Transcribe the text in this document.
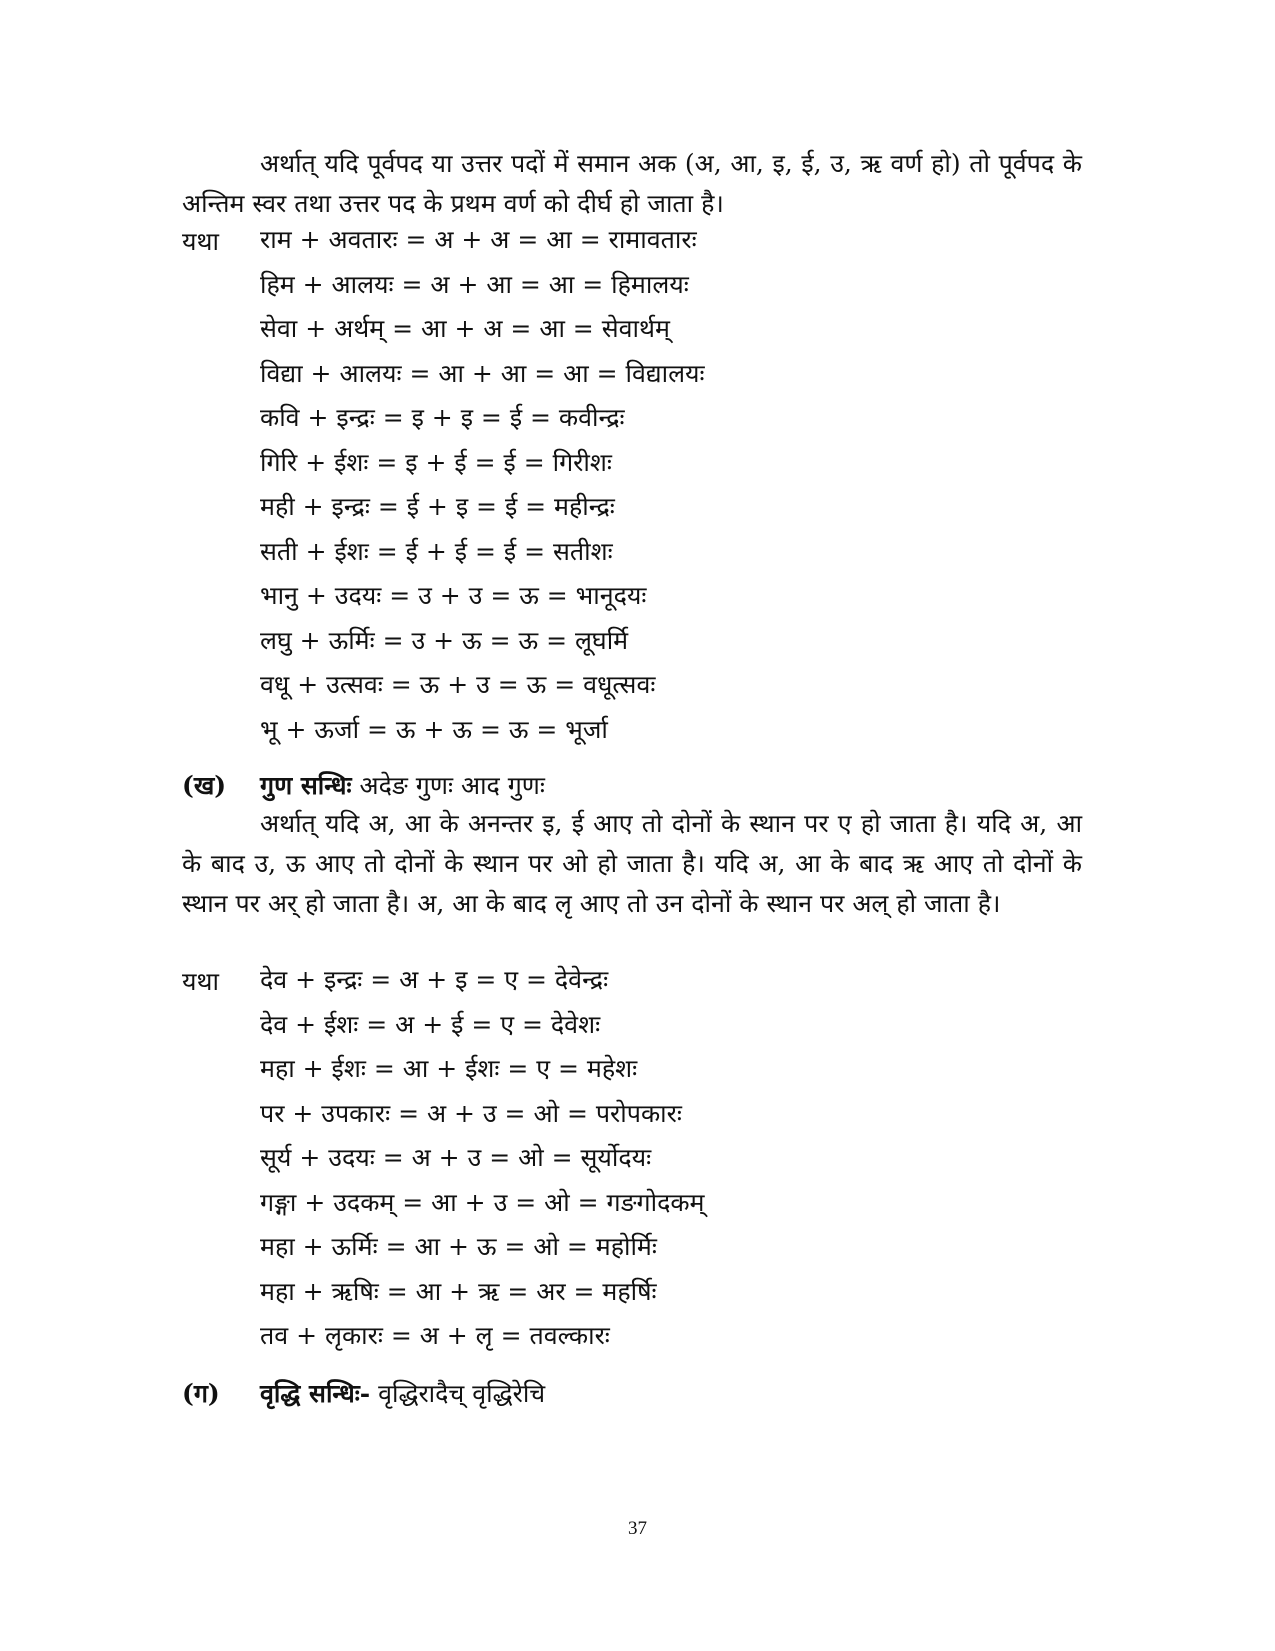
अर्थात् यदि पूर्वपद या उत्तर पदों में समान अक (अ, आ, इ, ई, उ, ऋ वर्ण हो) तो पूर्वपद के अन्तिम स्वर तथा उत्तर पद के प्रथम वर्ण को दीर्घ हो जाता है।

यथा राम + अवतारः = अ + अ = आ = रामावतारः
हिम + आलयः = अ + आ = आ = हिमालयः
सेवा + अर्थम् = आ + अ = आ = सेवार्थम्
विद्या + आलयः = आ + आ = आ = विद्यालयः
कवि + इन्द्रः = इ + इ = ई = कवीन्द्रः
गिरि + ईशः = इ + ई = ई = गिरीशः
मही + इन्द्रः = ई + इ = ई = महीन्द्रः
सती + ईशः = ई + ई = ई = सतीशः
भानु + उदयः = उ + उ = ऊ = भानूदयः
लघु + ऊर्मिः = उ + ऊ = ऊ = लूघर्मि
वधू + उत्सवः = ऊ + उ = ऊ = वधूत्सवः
भू + ऊर्जा = ऊ + ऊ = ऊ = भूर्जा
(ख) गुण सन्धिः अदेङ गुणः आद गुणः

अर्थात् यदि अ, आ के अनन्तर इ, ई आए तो दोनों के स्थान पर ए हो जाता है। यदि अ, आ के बाद उ, ऊ आए तो दोनों के स्थान पर ओ हो जाता है। यदि अ, आ के बाद ऋ आए तो दोनों के स्थान पर अर् हो जाता है। अ, आ के बाद लृ आए तो उन दोनों के स्थान पर अल् हो जाता है।

यथा देव + इन्द्रः = अ + इ = ए = देवेन्द्रः
देव + ईशः = अ + ई = ए = देवेशः
महा + ईशः = आ + ईशः = ए = महेशः
पर + उपकारः = अ + उ = ओ = परोपकारः
सूर्य + उदयः = अ + उ = ओ = सूर्योदयः
गङ्गा + उदकम् = आ + उ = ओ = गङगोदकम्
महा + ऊर्मिः = आ + ऊ = ओ = महोर्मिः
महा + ऋषिः = आ + ऋ = अर = महर्षिः
तव + लृकारः = अ + लृ = तवल्कारः
(ग) वृद्धि सन्धिः- वृद्धिरादैच् वृद्धिरेचि
37
